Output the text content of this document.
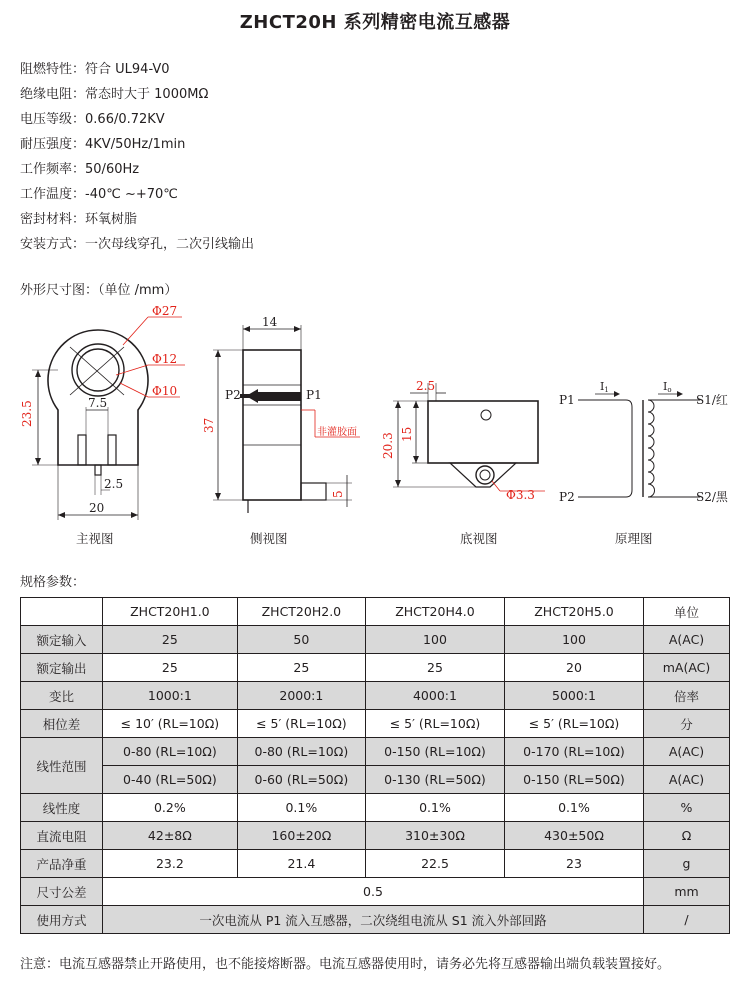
ZHCT20H 系列精密电流互感器
阻燃特性：符合 UL94-V0
绝缘电阻：常态时大于 1000MΩ
电压等级：0.66/0.72KV
耐压强度：4KV/50Hz/1min
工作频率：50/60Hz
工作温度：-40℃ ~+70℃
密封材料：环氧树脂
安装方式：一次母线穿孔，二次引线输出
外形尺寸图：（单位 /mm）
Φ27
Φ12
Φ10
23.5	7.5
2.5
20
14
37
5
P1
P2
非灌胶面
2.5
20.3 15
Φ3.3
P1
P2
I1	Io
S1/红
S2/黑
主视图	侧视图	底视图	原理图
规格参数：
	ZHCT20H1.0	ZHCT20H2.0	ZHCT20H4.0	ZHCT20H5.0	单位
额定输入	25	50	100	100	A(AC)
额定输出	25	25	25	20	mA(AC)
变比	1000:1	2000:1	4000:1	5000:1	倍率
相位差	≤ 10′ (RL=10Ω)	≤ 5′ (RL=10Ω)	≤ 5′ (RL=10Ω)	≤ 5′ (RL=10Ω)	分
线性范围	0-80 (RL=10Ω)	0-80 (RL=10Ω)	0-150 (RL=10Ω)	0-170 (RL=10Ω)	A(AC)
	0-40 (RL=50Ω)	0-60 (RL=50Ω)	0-130 (RL=50Ω)	0-150 (RL=50Ω)	A(AC)
线性度	0.2%	0.1%	0.1%	0.1%	%
直流电阻	42±8Ω	160±20Ω	310±30Ω	430±50Ω	Ω
产品净重	23.2	21.4	22.5	23	g
尺寸公差	0.5				mm
使用方式	一次电流从 P1 流入互感器，二次绕组电流从 S1 流入外部回路				/
注意：电流互感器禁止开路使用，也不能接熔断器。电流互感器使用时，请务必先将互感器输出端负载装置接好。
